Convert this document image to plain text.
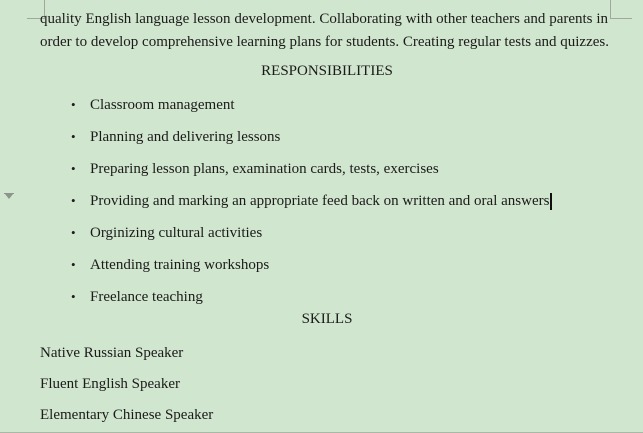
quality English language lesson development. Collaborating with other teachers and parents in
order to develop comprehensive learning plans for students. Creating regular tests and quizzes.
RESPONSIBILITIES
• Classroom management
• Planning and delivering lessons
• Preparing lesson plans, examination cards, tests, exercises
• Providing and marking an appropriate feed back on written and oral answers
• Orginizing cultural activities
• Attending training workshops
• Freelance teaching
SKILLS
Native Russian Speaker
Fluent English Speaker
Elementary Chinese Speaker
